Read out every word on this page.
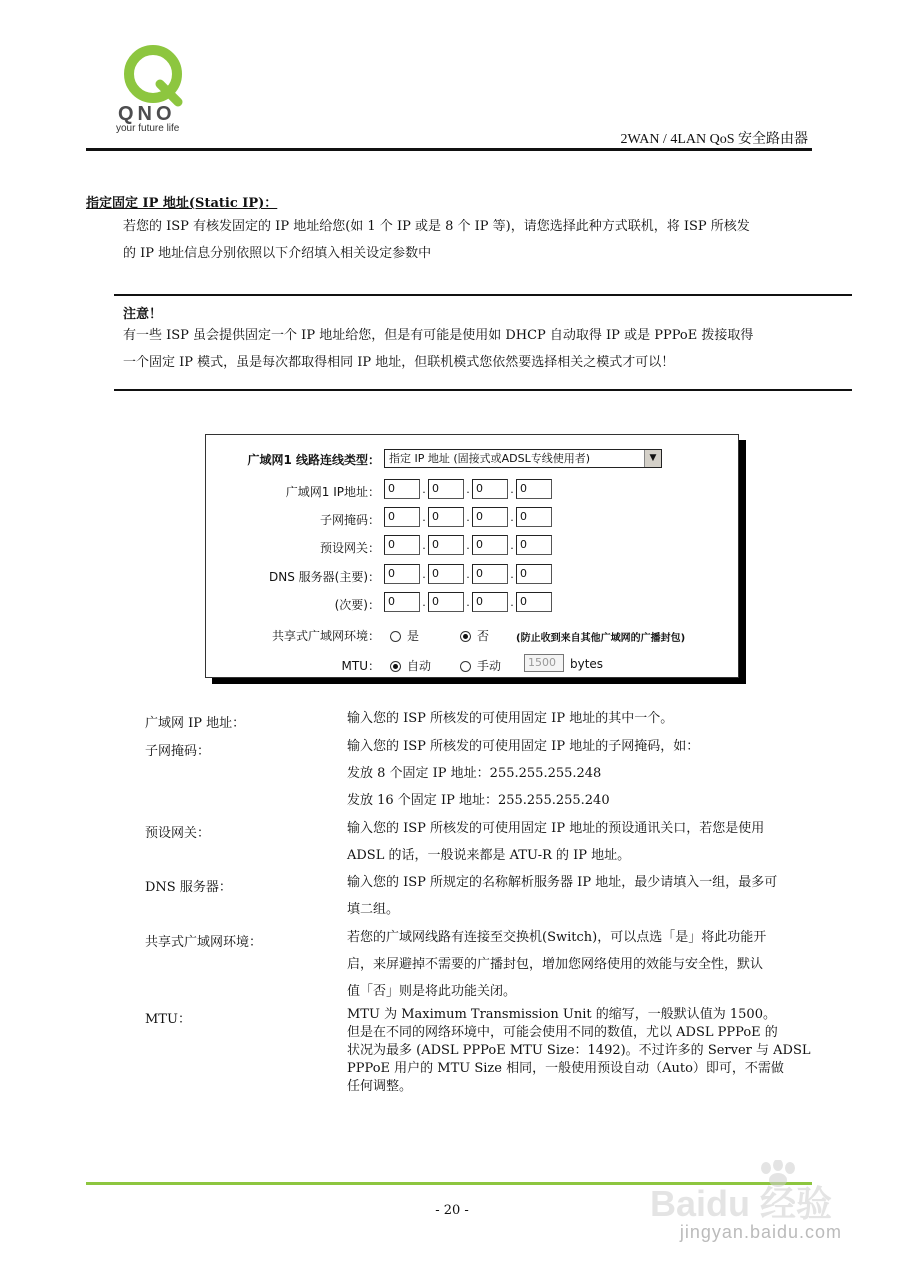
QNO
your future life
2WAN / 4LAN QoS 安全路由器
指定固定 IP 地址(Static IP)：
若您的 ISP 有核发固定的 IP 地址给您(如 1 个 IP 或是 8 个 IP 等)，请您选择此种方式联机，将 ISP 所核发
的 IP 地址信息分别依照以下介绍填入相关设定参数中
注意！
有一些 ISP 虽会提供固定一个 IP 地址给您，但是有可能是使用如 DHCP 自动取得 IP 或是 PPPoE 拨接取得
一个固定 IP 模式，虽是每次都取得相同 IP 地址，但联机模式您依然要选择相关之模式才可以！
广域网1 线路连线类型： 指定 IP 地址 (固接式或ADSL专线使用者)	▼
广域网1 IP地址： 0	. 0	. 0	. 0
子网掩码： 0	. 0	. 0	. 0
预设网关： 0	. 0	. 0	. 0
DNS 服务器(主要)： 0	. 0	. 0	. 0
(次要)： 0	. 0	. 0	. 0
共享式广域网环境：	是	否	(防止收到来自其他广域网的广播封包)
MTU：	自动	手动	1500	bytes
广域网 IP 地址：	输入您的 ISP 所核发的可使用固定 IP 地址的其中一个。
子网掩码：	输入您的 ISP 所核发的可使用固定 IP 地址的子网掩码，如：
发放 8 个固定 IP 地址：255.255.255.248
发放 16 个固定 IP 地址：255.255.255.240
预设网关：	输入您的 ISP 所核发的可使用固定 IP 地址的预设通讯关口，若您是使用
ADSL 的话，一般说来都是 ATU-R 的 IP 地址。
DNS 服务器：	输入您的 ISP 所规定的名称解析服务器 IP 地址，最少请填入一组，最多可
填二组。
共享式广域网环境：	若您的广域网线路有连接至交换机(Switch)，可以点选「是」将此功能开
启，来屏避掉不需要的广播封包，增加您网络使用的效能与安全性，默认
值「否」则是将此功能关闭。
MTU：	MTU 为 Maximum Transmission Unit 的缩写，一般默认值为 1500。
但是在不同的网络环境中，可能会使用不同的数值，尤以 ADSL PPPoE 的
状况为最多 (ADSL PPPoE MTU Size：1492)。不过许多的 Server 与 ADSL
PPPoE 用户的 MTU Size 相同，一般使用预设自动（Auto）即可，不需做
任何调整。
- 20 -	Baidu 经验
jingyan.baidu.com
